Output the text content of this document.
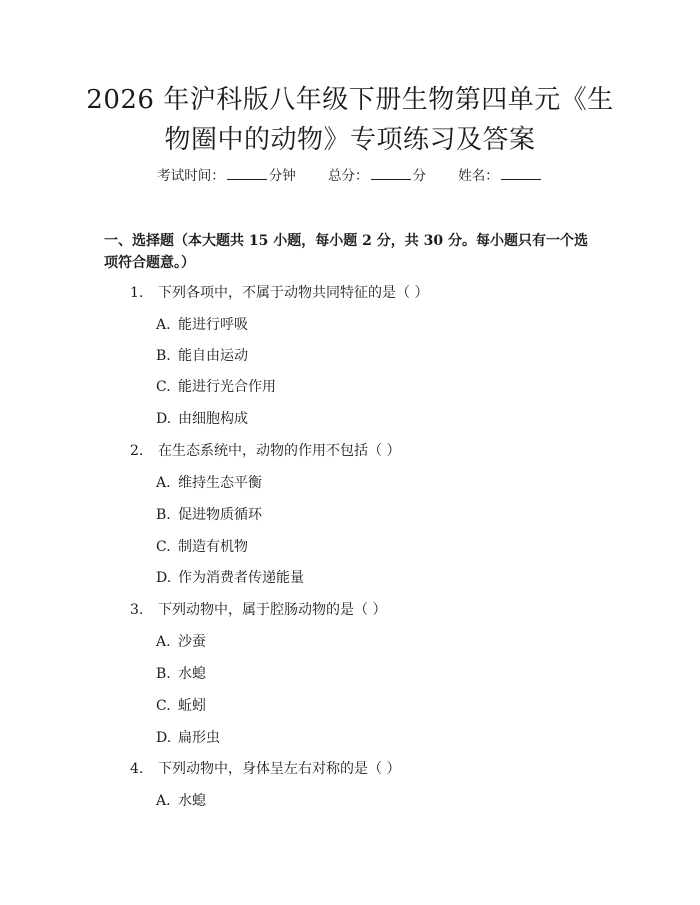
2026 年沪科版八年级下册生物第四单元《生
物圈中的动物》专项练习及答案
考试时间：	分钟 总分：	分 姓名：
一、选择题（本大题共 15 小题，每小题 2 分，共 30 分。每小题只有一个选项符合题意。）
1. 下列各项中，不属于动物共同特征的是（ ）
A. 能进行呼吸
B. 能自由运动
C. 能进行光合作用
D. 由细胞构成
2. 在生态系统中，动物的作用不包括（ ）
A. 维持生态平衡
B. 促进物质循环
C. 制造有机物
D. 作为消费者传递能量
3. 下列动物中，属于腔肠动物的是（ ）
A. 沙蚕
B. 水螅
C. 蚯蚓
D. 扁形虫
4. 下列动物中，身体呈左右对称的是（ ）
A. 水螅
